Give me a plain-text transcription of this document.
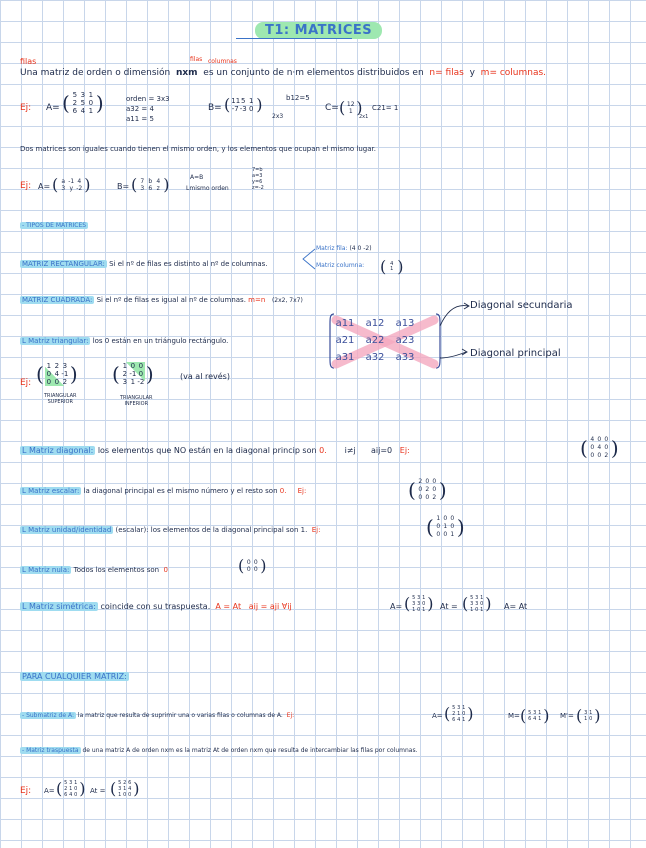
T1: MATRICES
filas	filas columnas
Una matriz de orden o dimensión nxm es un conjunto de n·m elementos distribuidos en n= filas y m= columnas.
Ej: A= ( 5 3 1
2 5 0
6 4 1 )	orden = 3x3
a32 = 4
a11 = 5
B= ( 11 5 1
-7 -3 0 )
2x3
b12=5
C= ( 12
1 )
2x1
C21= 1
Dos matrices son iguales cuando tienen el mismo orden, y los elementos que ocupan el mismo lugar.
Ej: A= ( a -1 4
3 y -2 )	B= ( 7 b 4
3 6 z )	A=B
Lmismo orden
7=b
a=3
y=6
z=-2
- TIPOS DE MATRICES
MATRIZ RECTANGULAR: Si el nº de filas es distinto al nº de columnas.
Matriz fila: (4 0 -2)
Matriz columna: ( 4
1 )
MATRIZ CUADRADA: Si el nº de filas es igual al nº de columnas. m=n (2x2, 7x7)
L Matriz triangular: los 0 están en un triángulo rectángulo.
Ej: ( 1 2 3
0 4 -1
0 0 2 )
TRIANGULAR
SUPERIOR
( 1 0 0
2 -1 0
3 1 -2 )
TRIANGULAR
INFERIOR
(va al revés)
a11	a12	a13
a21	a22	a23
a31	a32	a33
Diagonal secundaria
Diagonal principal
L Matriz diagonal: los elementos que NO están en la diagonal princip son 0. i≠j aij=0 Ej:	( 4 0 0
0 4 0
0 0 2 )
L Matriz escalar: la diagonal principal es el mismo número y el resto son 0. Ej:	( 2 0 0
0 2 0
0 0 2 )
L Matriz unidad/identidad (escalar): los elementos de la diagonal principal son 1. Ej:	( 1 0 0
0 1 0
0 0 1 )
L Matriz nula: Todos los elementos son 0	( 0 0
0 0 )
L Matriz simétrica: coincide con su traspuesta. A = At aij = aji ∀ij	A= ( 5 3 1
3 3 0
1 0 1 ) At = ( 5 3 1
3 3 0
1 0 1 ) A= At
PARA CUALQUIER MATRIZ:
- Submatriz de A: la matriz que resulta de suprimir una o varias filas o columnas de A. Ej:	A= ( 5 3 1
2 1 0
6 4 1 )	M= ( 5 3 1
6 4 1 ) M'= ( 3 1
1 0 )
- Matriz traspuesta de una matriz A de orden nxm es la matriz At de orden nxm que resulta de intercambiar las filas por columnas.
Ej: A= ( 5 3 1
2 1 0
6 4 0 ) At = ( 5 2 6
3 1 4
1 0 0 )
